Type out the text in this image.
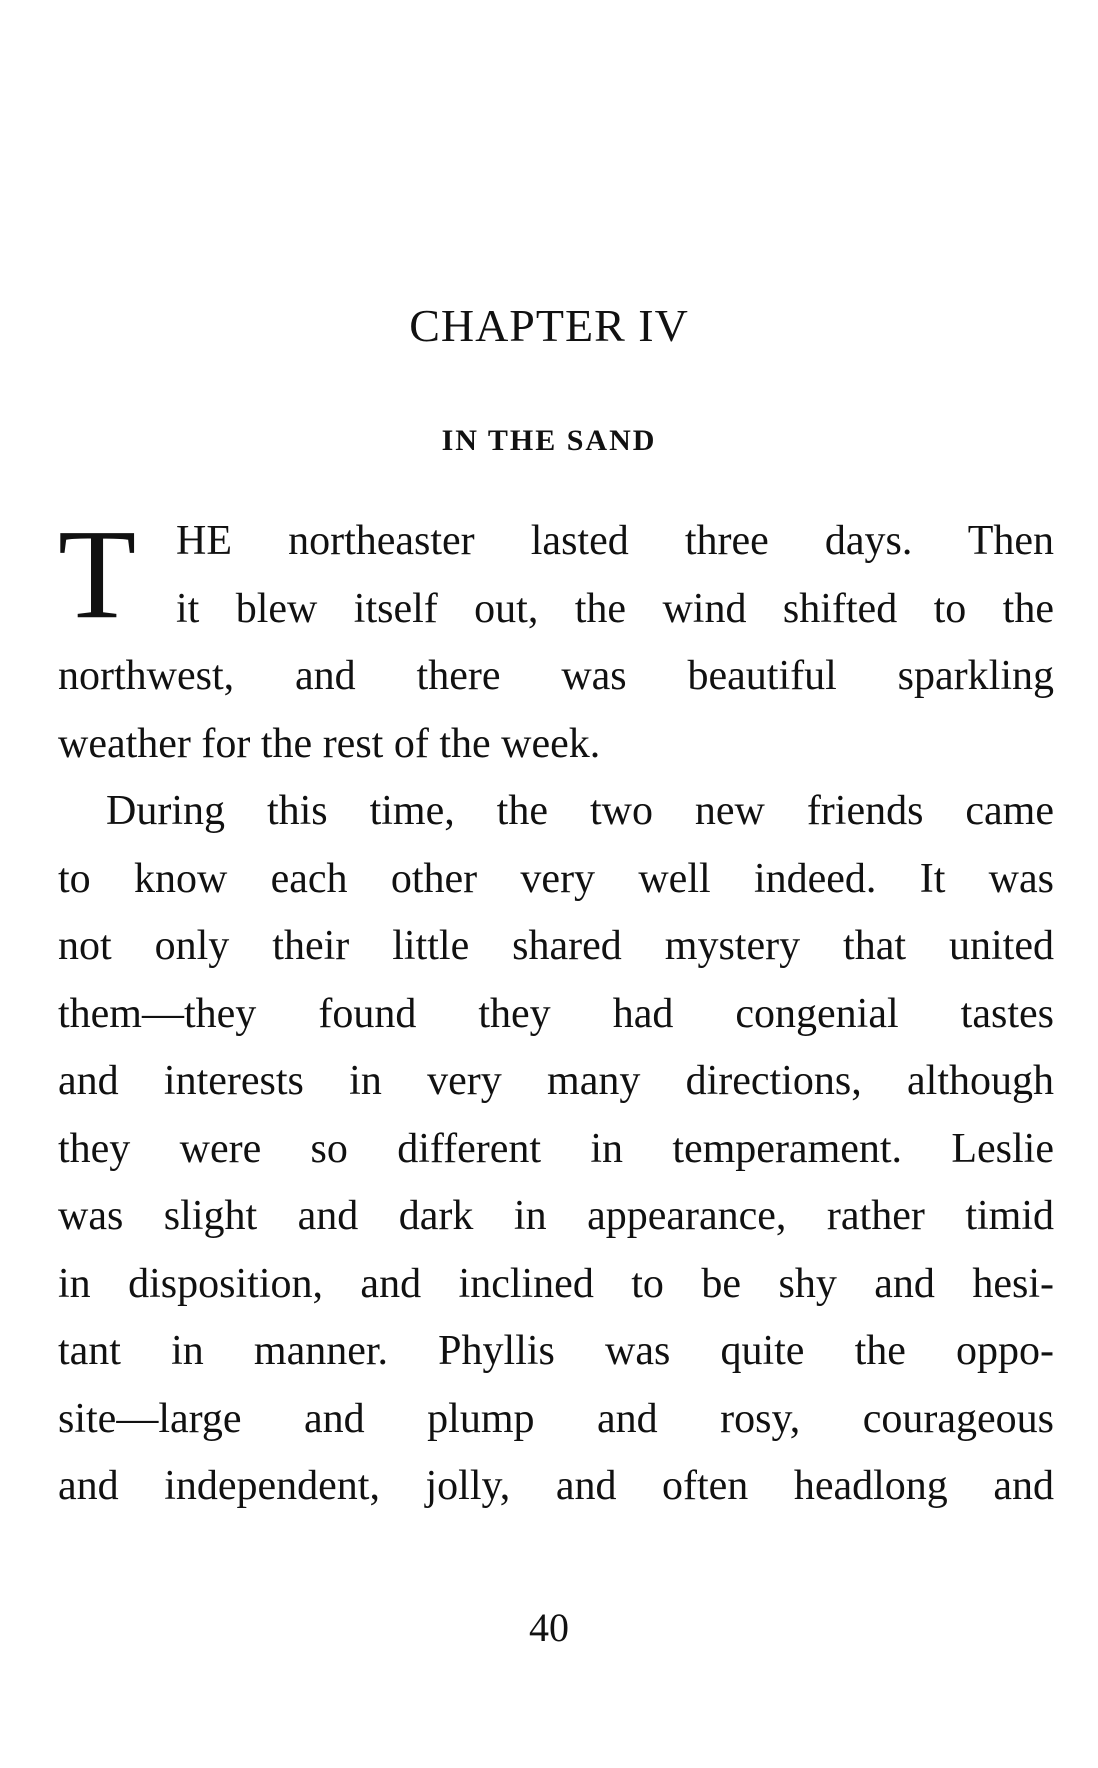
CHAPTER IV
IN THE SAND
T HE northeaster lasted three days. Then
it blew itself out, the wind shifted to the
northwest, and there was beautiful sparkling
weather for the rest of the week.
During this time, the two new friends came
to know each other very well indeed. It was
not only their little shared mystery that united
them—they found they had congenial tastes
and interests in very many directions, although
they were so different in temperament. Leslie
was slight and dark in appearance, rather timid
in disposition, and inclined to be shy and hesi-
tant in manner. Phyllis was quite the oppo-
site—large and plump and rosy, courageous
and independent, jolly, and often headlong and
40
